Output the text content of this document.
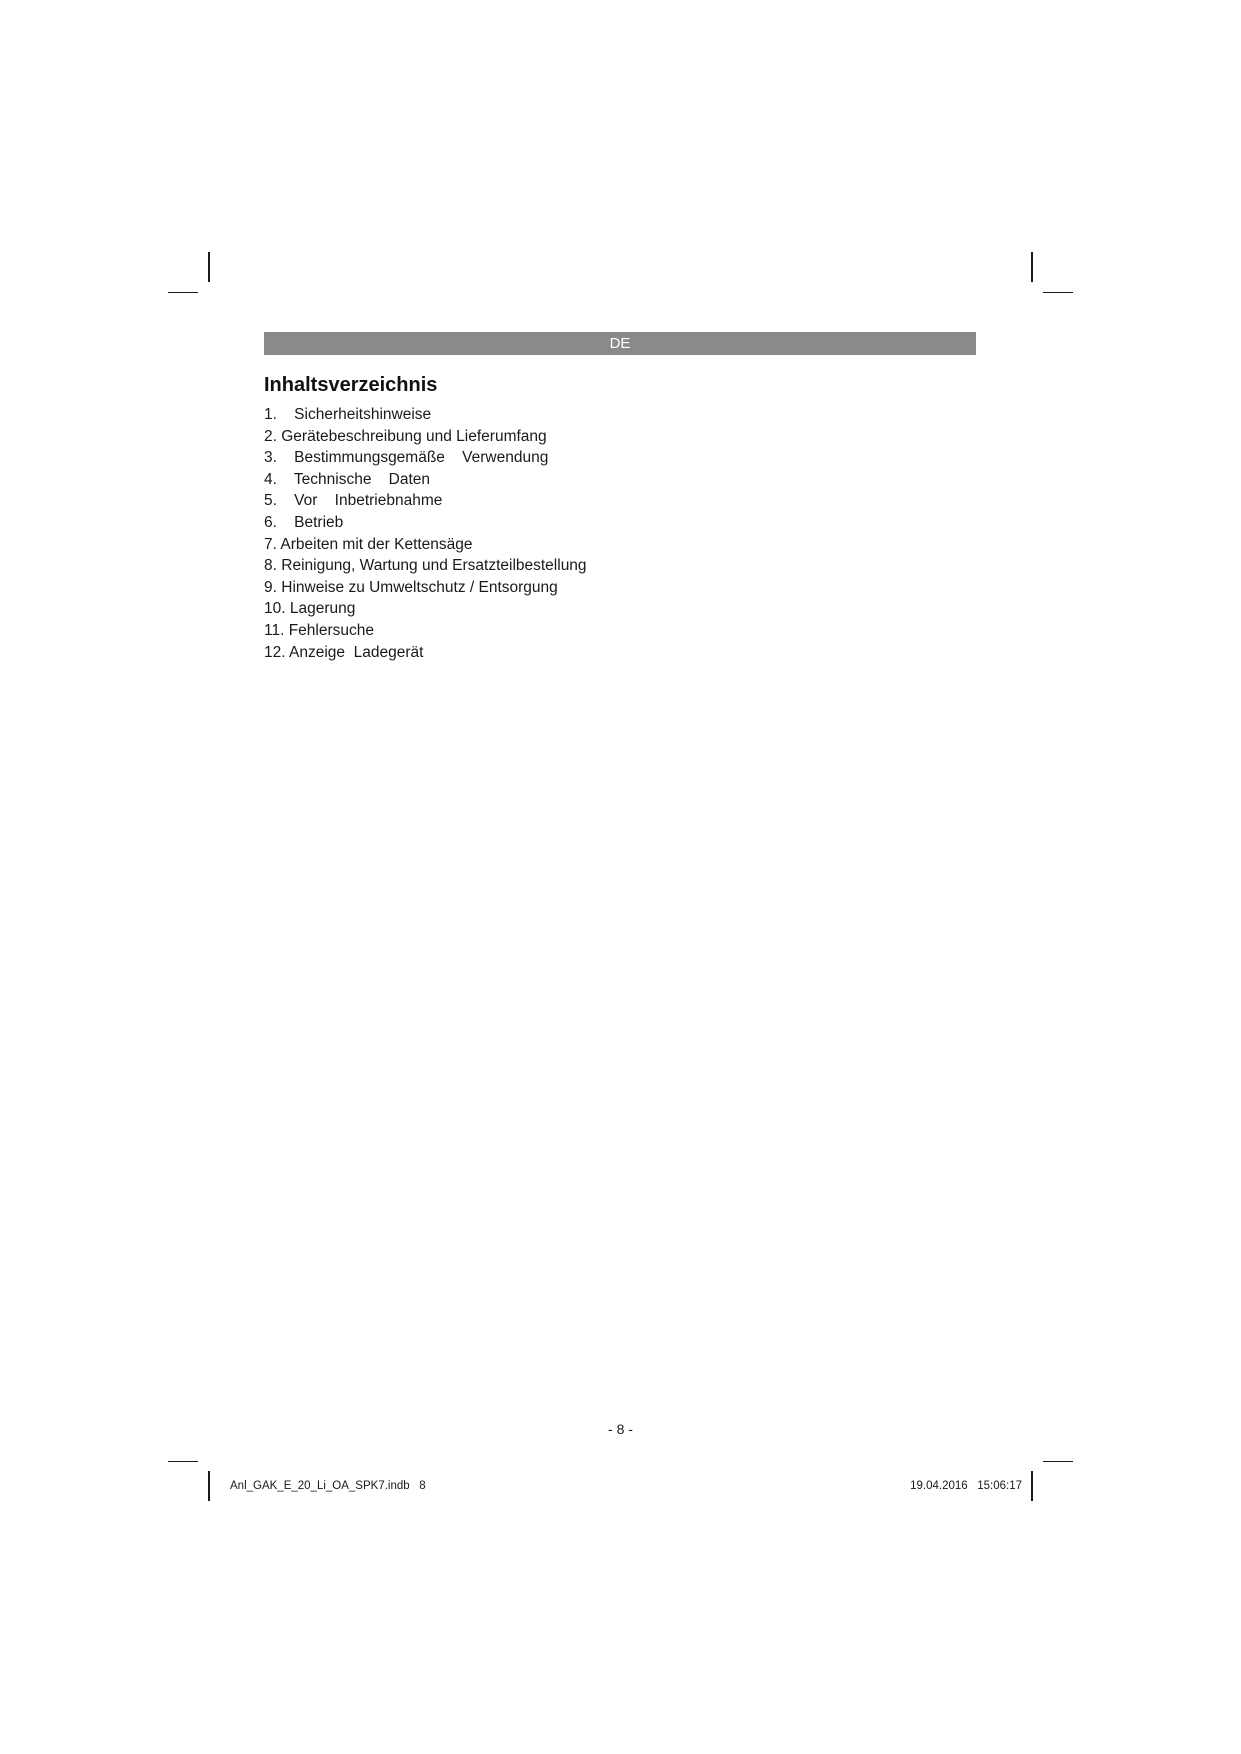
DE
Inhaltsverzeichnis
1. Sicherheitshinweise
2. Gerätebeschreibung und Lieferumfang
3. Bestimmungsgemäße    Verwendung
4. Technische    Daten
5. Vor    Inbetriebnahme
6. Betrieb
7. Arbeiten mit der Kettensäge
8. Reinigung, Wartung und Ersatzteilbestellung
9. Hinweise zu Umweltschutz / Entsorgung
10. Lagerung
11. Fehlersuche
12. Anzeige  Ladegerät
- 8 -
Anl_GAK_E_20_Li_OA_SPK7.indb   8	19.04.2016   15:06:17
